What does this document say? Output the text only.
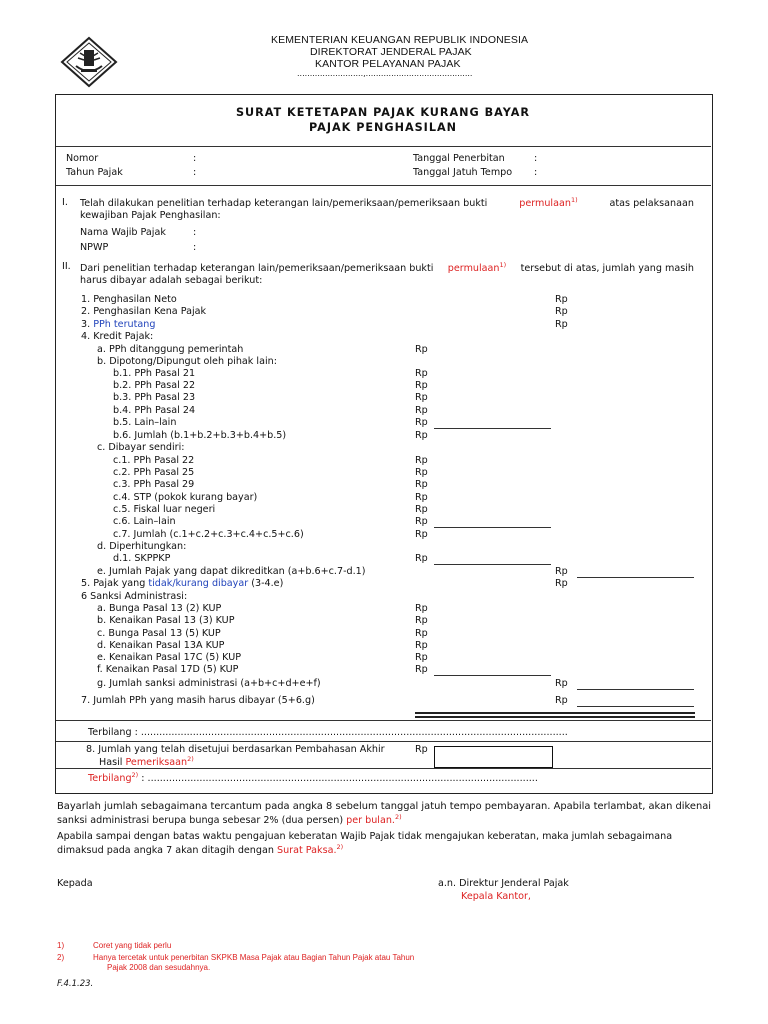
KEMENTERIAN KEUANGAN REPUBLIK INDONESIA
DIREKTORAT JENDERAL PAJAK
KANTOR PELAYANAN PAJAK
..........................,..........................................
SURAT KETETAPAN PAJAK KURANG BAYAR
PAJAK PENGHASILAN
Nomor	:
Tahun Pajak	:
Tanggal Penerbitan	:
Tanggal Jatuh Tempo :
I. Telah dilakukan penelitian terhadap keterangan lain/pemeriksaan/pemeriksaan bukti	permulaan$^{1)}$	atas pelaksanaan
kewajiban Pajak Penghasilan:
Nama Wajib Pajak	:
NPWP	:
II. Dari penelitian terhadap keterangan lain/pemeriksaan/pemeriksaan bukti permulaan$^{1)}$ tersebut di atas, jumlah yang masih
harus dibayar adalah sebagai berikut:
1. Penghasilan Neto	Rp
2. Penghasilan Kena Pajak	Rp
3. PPh terutang	Rp
4. Kredit Pajak:
a. PPh ditanggung pemerintah	Rp
b. Dipotong/Dipungut oleh pihak lain:
b.1. PPh Pasal 21	Rp
b.2. PPh Pasal 22	Rp
b.3. PPh Pasal 23	Rp
b.4. PPh Pasal 24	Rp
b.5. Lain–lain	Rp
b.6. Jumlah (b.1+b.2+b.3+b.4+b.5)	Rp
c. Dibayar sendiri:
c.1. PPh Pasal 22	Rp
c.2. PPh Pasal 25	Rp
c.3. PPh Pasal 29	Rp
c.4. STP (pokok kurang bayar)	Rp
c.5. Fiskal luar negeri	Rp
c.6. Lain–lain	Rp
c.7. Jumlah (c.1+c.2+c.3+c.4+c.5+c.6)	Rp
d. Diperhitungkan:
d.1. SKPPKP	Rp
e. Jumlah Pajak yang dapat dikreditkan (a+b.6+c.7-d.1)	Rp
5. Pajak yang tidak/kurang dibayar (3-4.e)	Rp
6 Sanksi Administrasi:
a. Bunga Pasal 13 (2) KUP	Rp
b. Kenaikan Pasal 13 (3) KUP	Rp
c. Bunga Pasal 13 (5) KUP	Rp
d. Kenaikan Pasal 13A KUP	Rp
e. Kenaikan Pasal 17C (5) KUP	Rp
f. Kenaikan Pasal 17D (5) KUP	Rp
g. Jumlah sanksi administrasi (a+b+c+d+e+f)	Rp
7. Jumlah PPh yang masih harus dibayar (5+6.g)	Rp
Terbilang : ............................................................................................................................................
8. Jumlah yang telah disetujui berdasarkan Pembahasan Akhir
Hasil Pemeriksaan$^{2)}$
Rp
Terbilang$^{2)}$ : ................................................................................................................................
Bayarlah jumlah sebagaimana tercantum pada angka 8 sebelum tanggal jatuh tempo pembayaran. Apabila terlambat, akan dikenai
sanksi administrasi berupa bunga sebesar 2% (dua persen) per bulan.$^{2)}$
Apabila sampai dengan batas waktu pengajuan keberatan Wajib Pajak tidak mengajukan keberatan, maka jumlah sebagaimana
dimaksud pada angka 7 akan ditagih dengan Surat Paksa.$^{2)}$
Kepada	a.n. Direktur Jenderal Pajak
Kepala Kantor,
1)	Coret yang tidak perlu
2)	Hanya tercetak untuk penerbitan SKPKB Masa Pajak atau Bagian Tahun Pajak atau Tahun
Pajak 2008 dan sesudahnya.
F.4.1.23.
